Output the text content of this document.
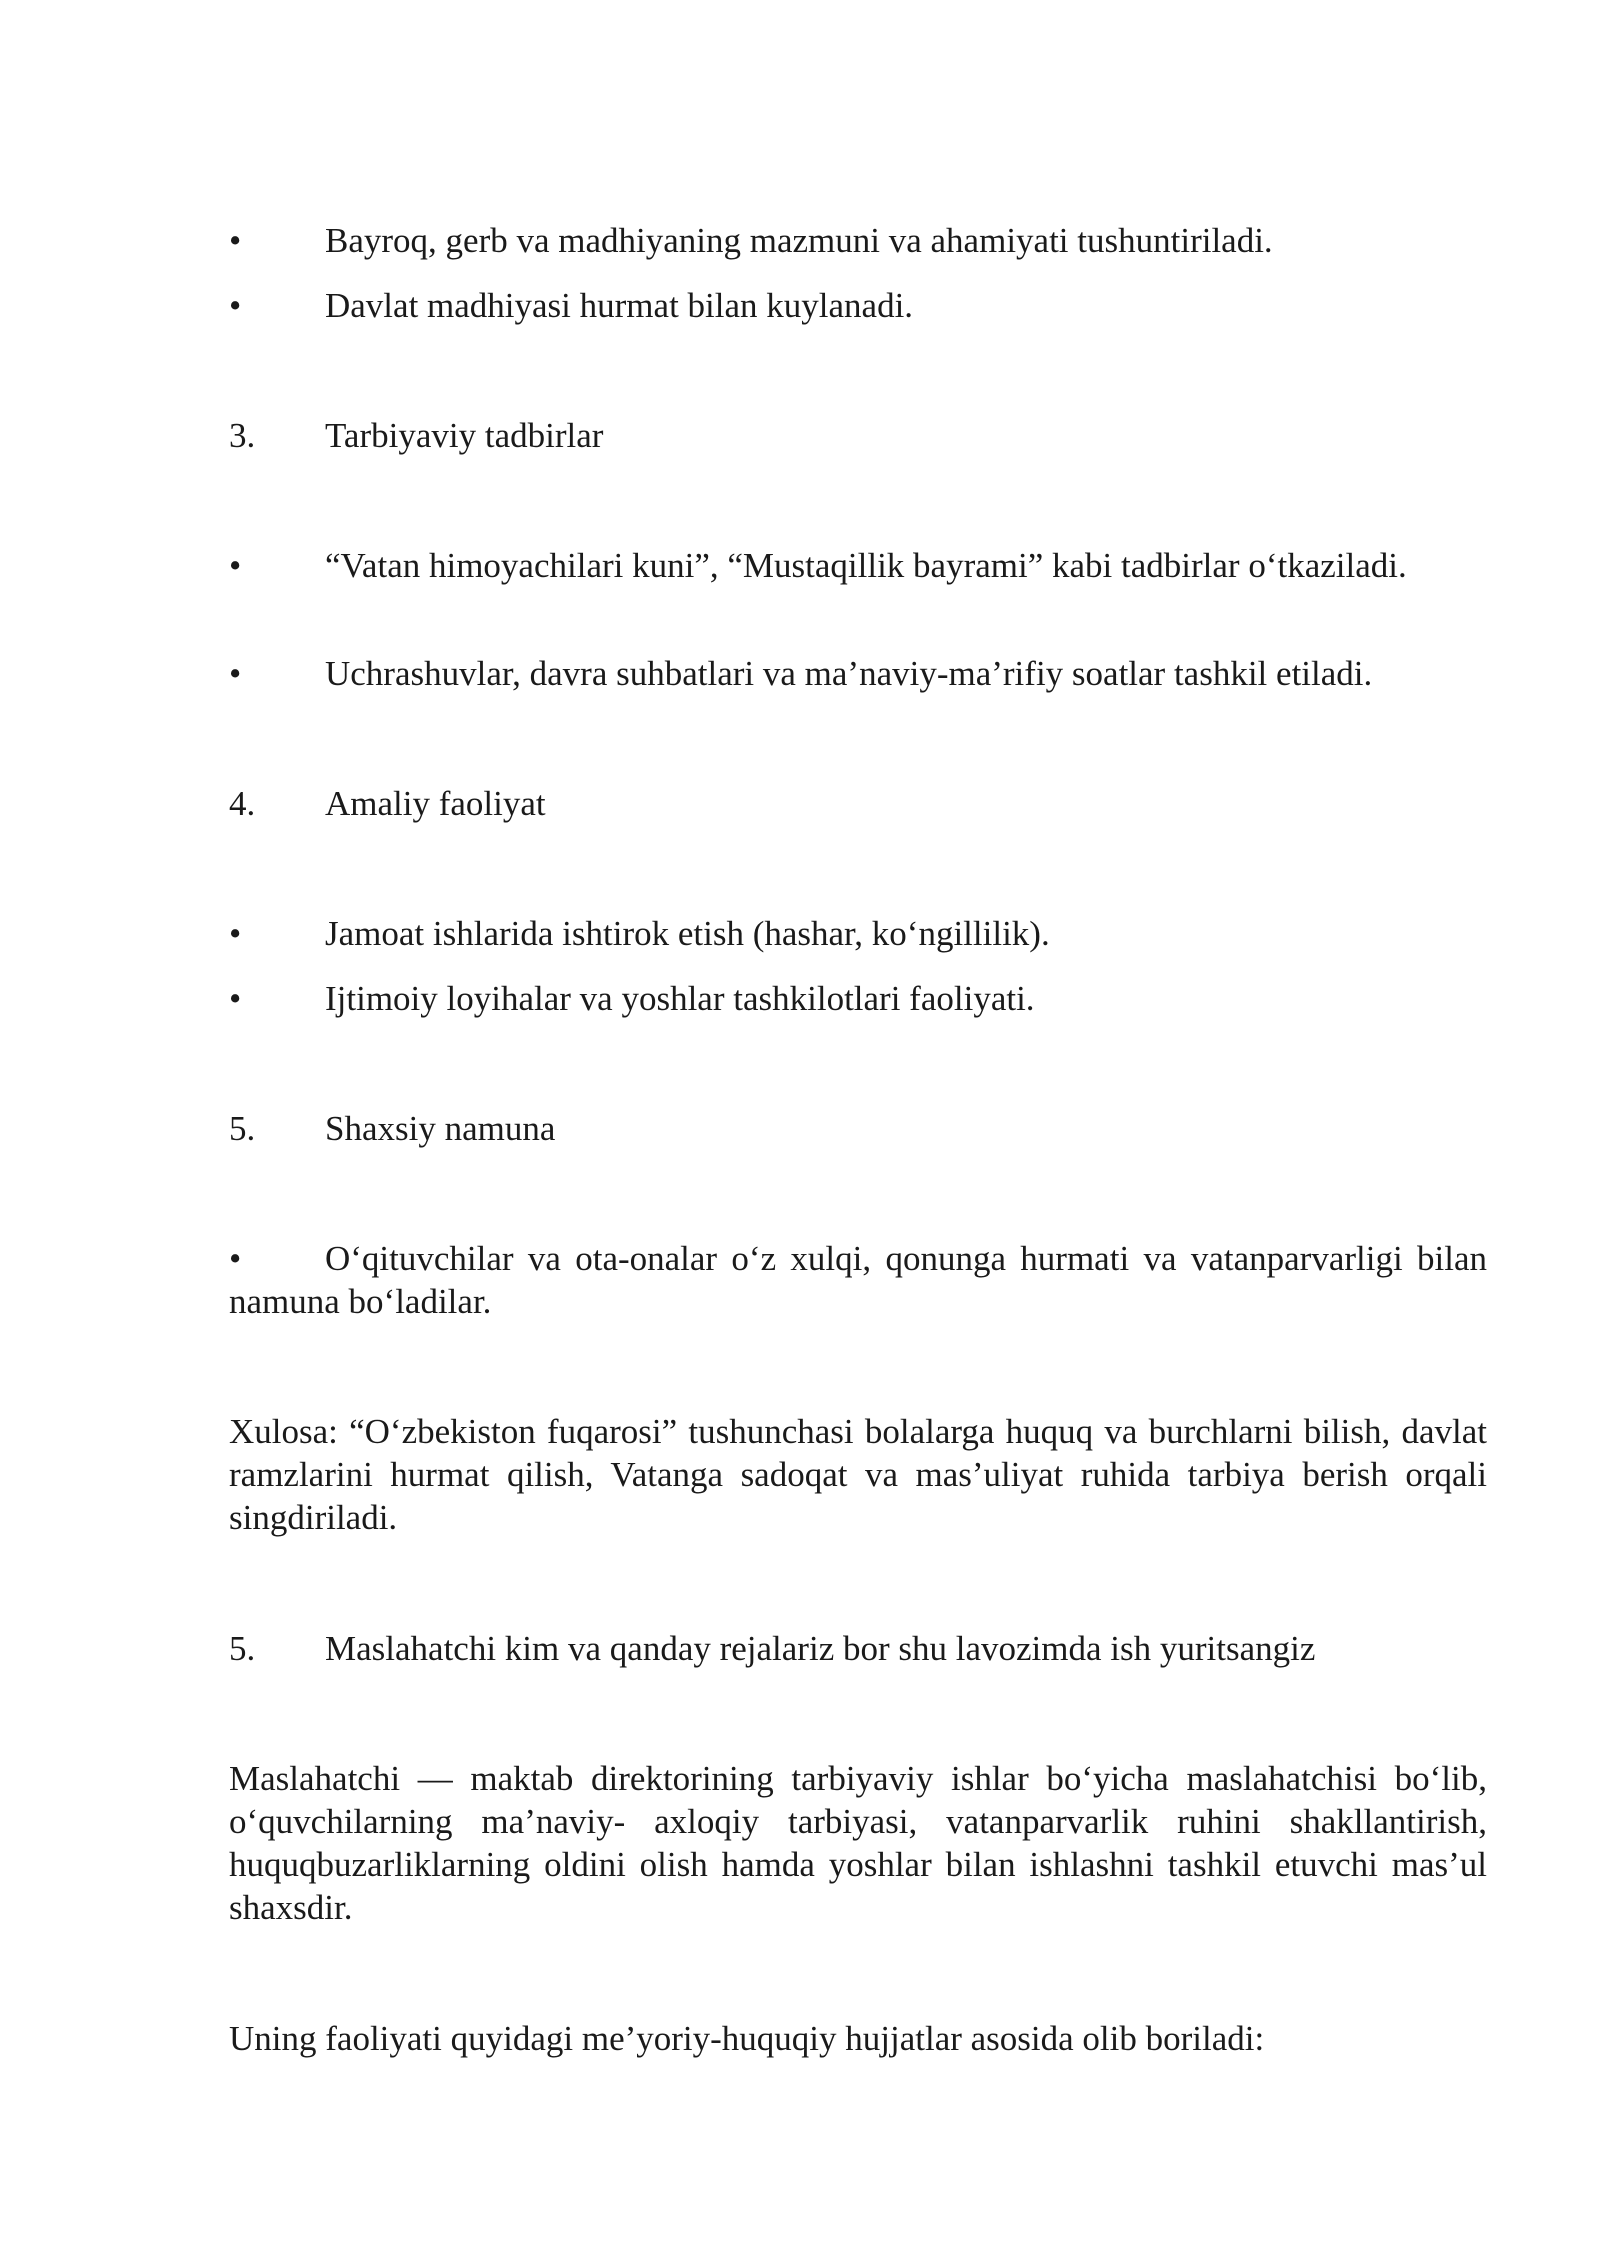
•	Bayroq, gerb va madhiyaning mazmuni va ahamiyati tushuntiriladi.
•	Davlat madhiyasi hurmat bilan kuylanadi.
3. Tarbiyaviy tadbirlar
•	“Vatan himoyachilari kuni”, “Mustaqillik bayrami” kabi tadbirlar o‘tkaziladi.
•	Uchrashuvlar, davra suhbatlari va ma’naviy-ma’rifiy soatlar tashkil etiladi.
4. Amaliy faoliyat
•	Jamoat ishlarida ishtirok etish (hashar, ko‘ngillilik).
•	Ijtimoiy loyihalar va yoshlar tashkilotlari faoliyati.
5. Shaxsiy namuna
•	O‘qituvchilar va ota-onalar o‘z xulqi, qonunga hurmati va vatanparvarligi bilan namuna bo‘ladilar.
Xulosa: “O‘zbekiston fuqarosi” tushunchasi bolalarga huquq va burchlarni bilish, davlat ramzlarini hurmat qilish, Vatanga sadoqat va mas’uliyat ruhida tarbiya berish orqali singdiriladi.
5. Maslahatchi kim va qanday rejalariz bor shu lavozimda ish yuritsangiz
Maslahatchi — maktab direktorining tarbiyaviy ishlar bo‘yicha maslahatchisi bo‘lib, o‘quvchilarning ma’naviy- axloqiy tarbiyasi, vatanparvarlik ruhini shakllantirish, huquqbuzarliklarning oldini olish hamda yoshlar bilan ishlashni tashkil etuvchi mas’ul shaxsdir.
Uning faoliyati quyidagi me’yoriy-huquqiy hujjatlar asosida olib boriladi:
